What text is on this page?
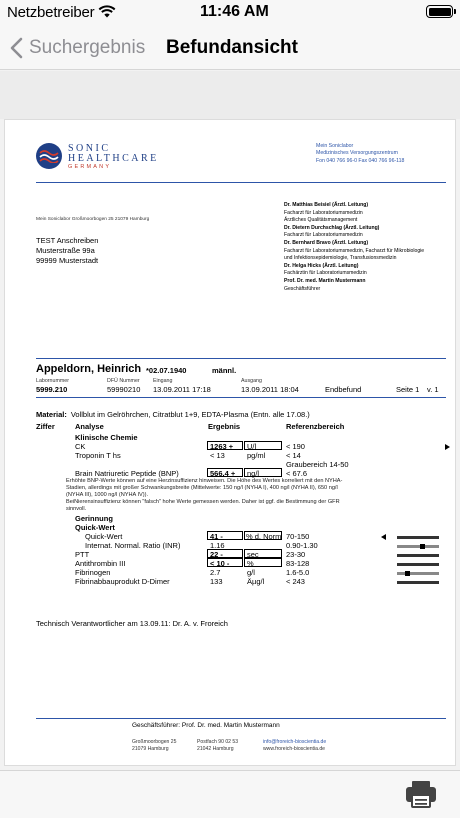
Netzbetreiber	11:46 AM
Suchergebnis Befundansicht
SONIC
HEALTHCARE
GERMANY
Mein Soniclabor
Medizinisches Versorgungszentrum
Fon 040 766 96-0 Fax 040 766 96-118
Mein Soniclabor Großmoorbogen 25 21079 Hamburg
TEST Anschreiben
Musterstraße 99a
99999 Musterstadt
Dr. Matthias Beisiel (Ärztl. Leitung)
Facharzt für Laboratoriumsmedizin
Ärztliches Qualitätsmanagement
Dr. Dietern Durchschlag (Ärztl. Leitung)
Facharzt für Laboratoriumsmedizin
Dr. Bernhard Bravo (Ärztl. Leitung)
Facharzt für Laboratoriumsmedizin, Facharzt für Mikrobiologie
und Infektionsepidemiologie, Transfusionsmedizin
Dr. Helga Hicks (Ärztl. Leitung)
Fachärztin für Laboratoriumsmedizin
Prof. Dr. med. Martin Mustermann
Geschäftsführer
Appeldorn, Heinrich *02.07.1940	männl.
Labornummer	DFÜ Nummer	Eingang	Ausgang
5999.210	59990210 13.09.2011 17:18	13.09.2011 18:04	Endbefund	Seite 1 v. 1
Material: Vollblut im Gelröhrchen, Citratblut 1+9, EDTA-Plasma (Entn. alle 17.08.)
Ziffer	Analyse	Ergebnis	Referenzbereich
Klinische Chemie
CK	1263 + U/l	< 190
Troponin T hs	< 13	pg/ml	< 14
Graubereich 14-50
Brain Natriuretic Peptide (BNP)	566.4 + ng/l	< 67.6
Erhöhte BNP-Werte können auf eine Herzinsuffizienz hinweisen. Die Höhe des Wertes korreliert mit den NYHA-
Stadien, allerdings mit großer Schwankungsbreite (Mittelwerte: 150 ng/l (NYHA I), 400 ng/l (NYHA II), 650 ng/l
(NYHA III), 1000 ng/l (NYHA IV)).
BeiNierensinsuffizienz können "falsch" hohe Werte gemessen werden. Daher ist ggf. die Bestimmung der GFR
sinnvoll.
Gerinnung
Quick-Wert
Quick-Wert	41 -	% d. Norm 70-150
Internat. Normal. Ratio (INR)	1.16	0.90-1.30
PTT	22 -	sec	23-30
Antithrombin III	< 10 - %	83-128
Fibrinogen	2.7	g/l	1.6-5.0
Fibrinabbauprodukt D-Dimer	133	Äµg/l	< 243
Technisch Verantwortlicher am 13.09.11: Dr. A. v. Froreich
Geschäftsführer: Prof. Dr. med. Martin Mustermann
Großmoorbogen 25
21079 Hamburg
Postfach 90 02 53
21042 Hamburg
info@froreich-bioscientia.de
www.froreich-bioscientia.de
